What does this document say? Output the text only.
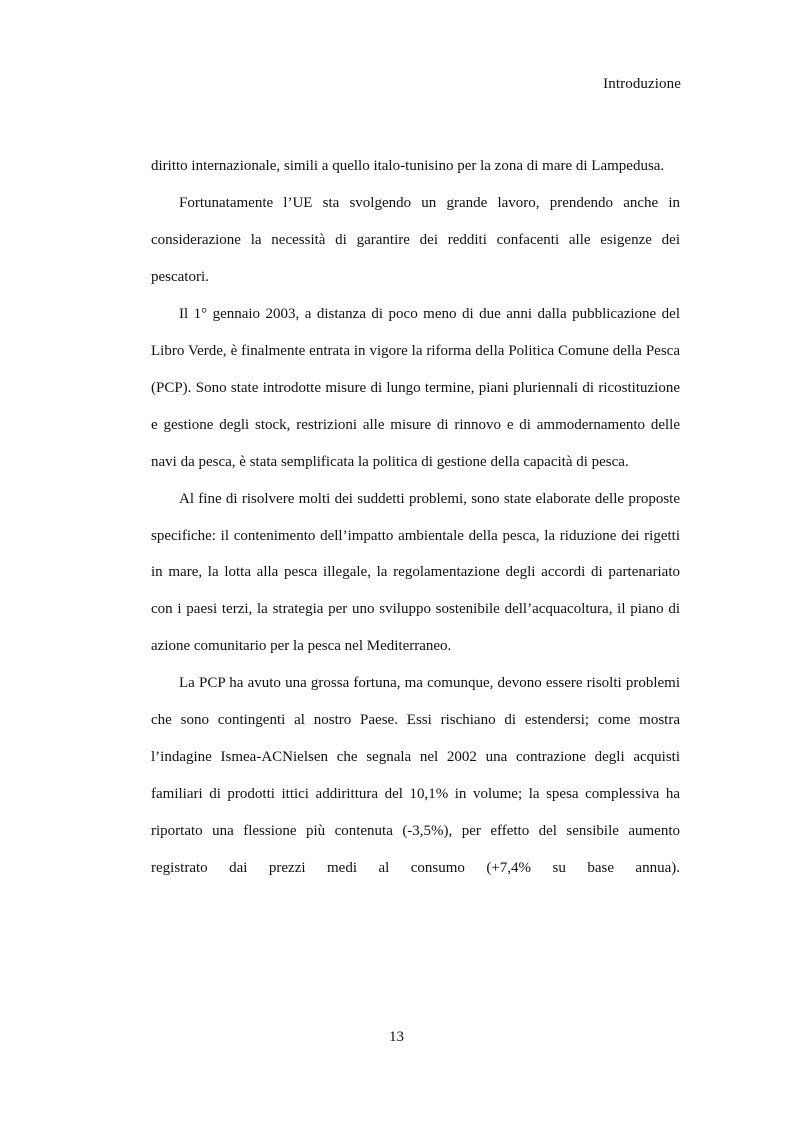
Introduzione

diritto internazionale, simili a quello italo-tunisino per la zona di mare di Lampedusa.

Fortunatamente l’UE sta svolgendo un grande lavoro, prendendo anche in considerazione la necessità di garantire dei redditi confacenti alle esigenze dei pescatori.

Il 1° gennaio 2003, a distanza di poco meno di due anni dalla pubblicazione del Libro Verde, è finalmente entrata in vigore la riforma della Politica Comune della Pesca (PCP). Sono state introdotte misure di lungo termine, piani pluriennali di ricostituzione e gestione degli stock, restrizioni alle misure di rinnovo e di ammodernamento delle navi da pesca, è stata semplificata la politica di gestione della capacità di pesca.

Al fine di risolvere molti dei suddetti problemi, sono state elaborate delle proposte specifiche: il contenimento dell’impatto ambientale della pesca, la riduzione dei rigetti in mare, la lotta alla pesca illegale, la regolamentazione degli accordi di partenariato con i paesi terzi, la strategia per uno sviluppo sostenibile dell’acquacoltura, il piano di azione comunitario per la pesca nel Mediterraneo.

La PCP ha avuto una grossa fortuna, ma comunque, devono essere risolti problemi che sono contingenti al nostro Paese. Essi rischiano di estendersi; come mostra l’indagine Ismea-ACNielsen che segnala nel 2002 una contrazione degli acquisti familiari di prodotti ittici addirittura del 10,1% in volume; la spesa complessiva ha riportato una flessione più contenuta (-3,5%), per effetto del sensibile aumento registrato dai prezzi medi al consumo (+7,4% su base annua).

13
